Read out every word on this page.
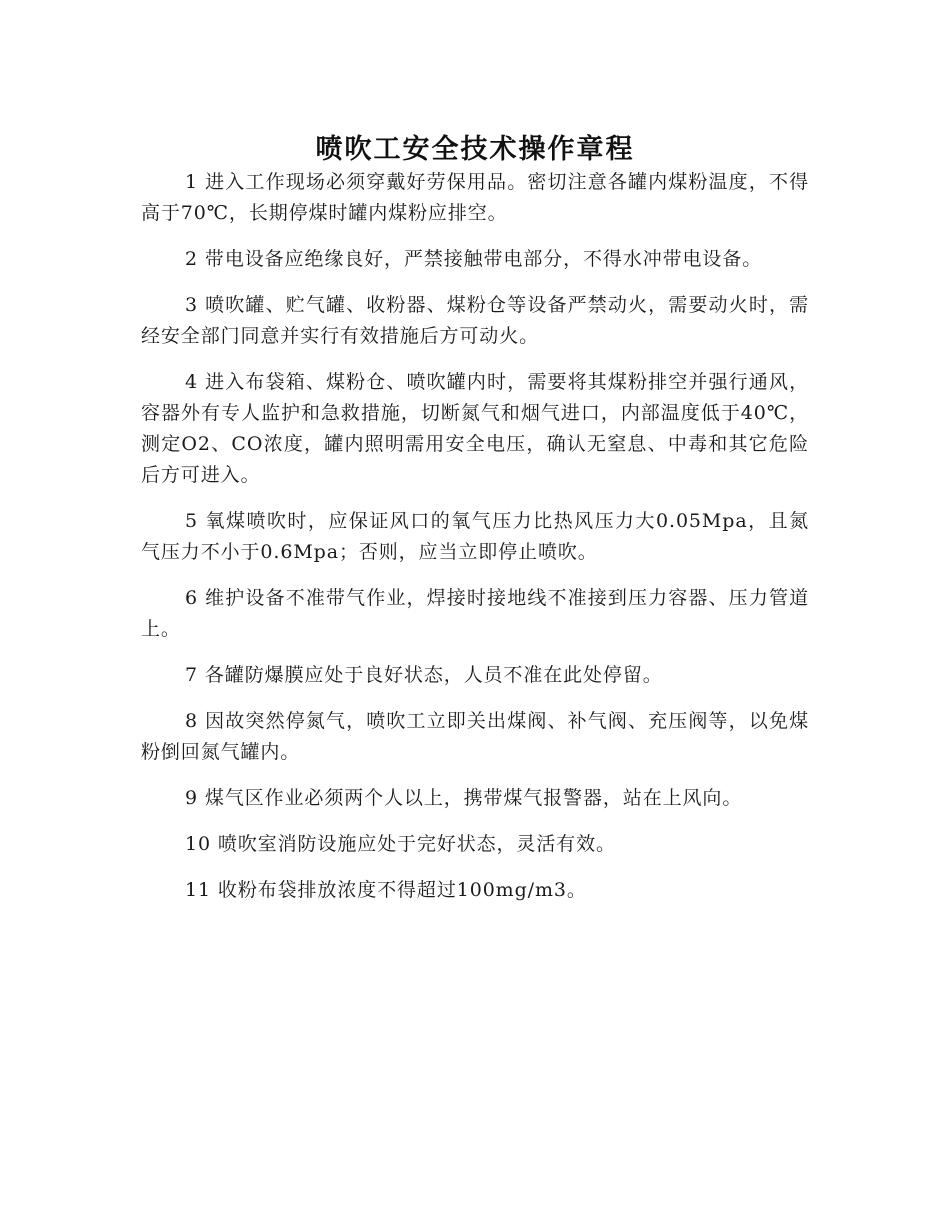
喷吹工安全技术操作章程

1 进入工作现场必须穿戴好劳保用品。密切注意各罐内煤粉温度，不得高于70℃，长期停煤时罐内煤粉应排空。

2 带电设备应绝缘良好，严禁接触带电部分，不得水冲带电设备。

3 喷吹罐、贮气罐、收粉器、煤粉仓等设备严禁动火，需要动火时，需经安全部门同意并实行有效措施后方可动火。

4 进入布袋箱、煤粉仓、喷吹罐内时，需要将其煤粉排空并强行通风，容器外有专人监护和急救措施，切断氮气和烟气进口，内部温度低于40℃，测定O2、CO浓度，罐内照明需用安全电压，确认无窒息、中毒和其它危险后方可进入。

5 氧煤喷吹时，应保证风口的氧气压力比热风压力大0.05Mpa，且氮气压力不小于0.6Mpa；否则，应当立即停止喷吹。

6 维护设备不准带气作业，焊接时接地线不准接到压力容器、压力管道上。

7 各罐防爆膜应处于良好状态，人员不准在此处停留。

8 因故突然停氮气，喷吹工立即关出煤阀、补气阀、充压阀等，以免煤粉倒回氮气罐内。

9 煤气区作业必须两个人以上，携带煤气报警器，站在上风向。

10 喷吹室消防设施应处于完好状态，灵活有效。

11 收粉布袋排放浓度不得超过100mg/m3。
